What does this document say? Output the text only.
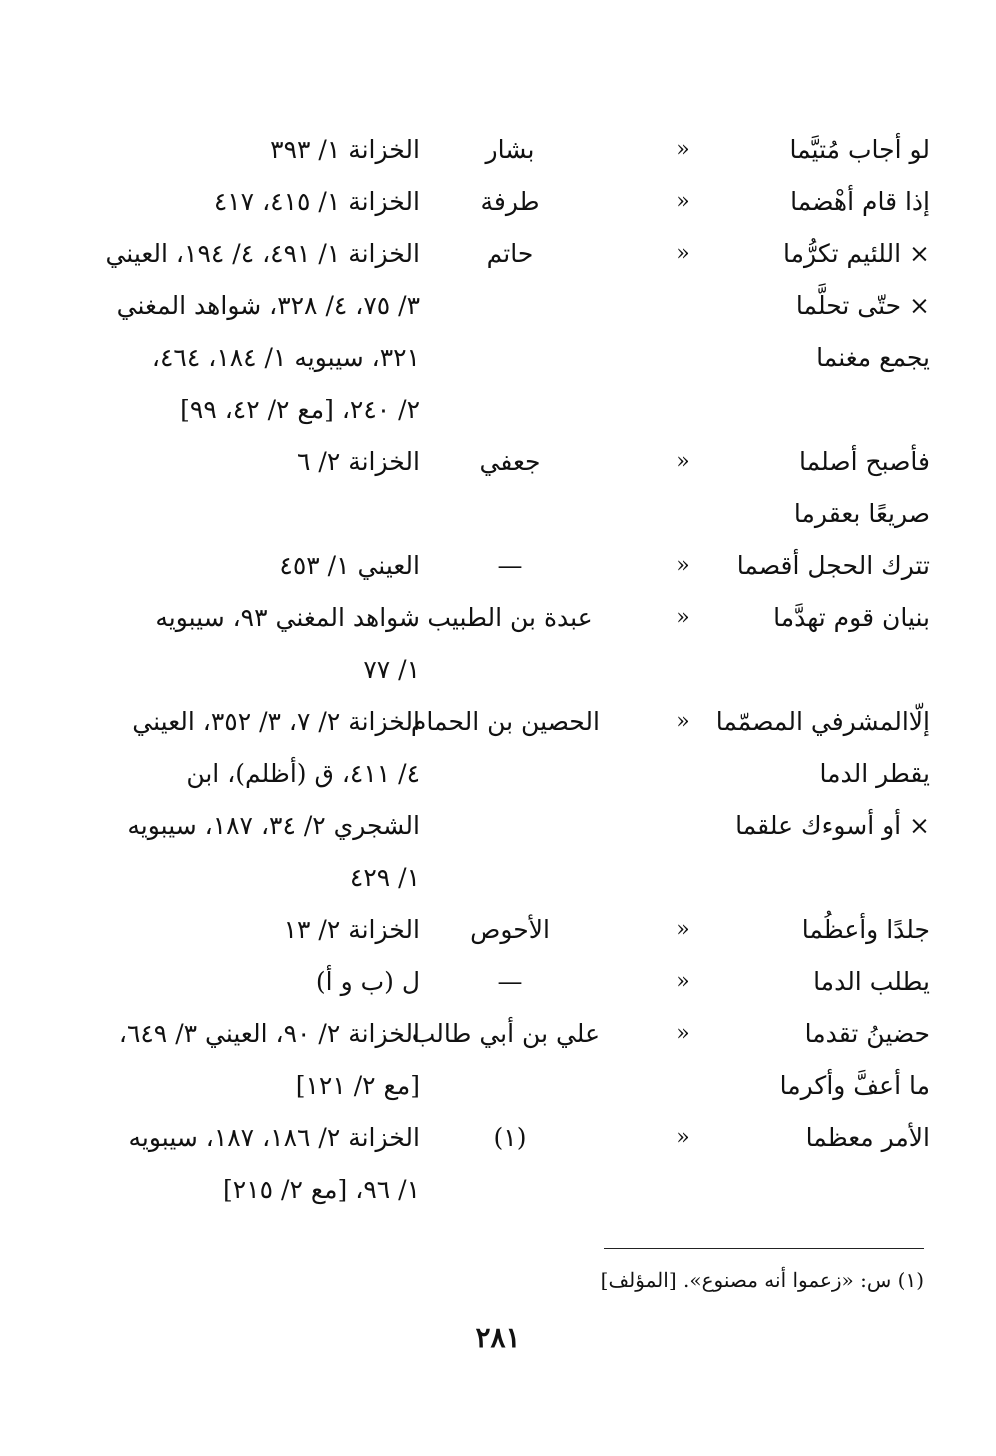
لو أجاب مُتيَّما
«
بشار
الخزانة ١/ ٣٩٣
إذا قام أهْضما
«
طرفة
الخزانة ١/ ٤١٥، ٤١٧
× اللئيم تكرُّما
«
حاتم
الخزانة ١/ ٤٩١، ٤/ ١٩٤، العيني
× حتّى تحلَّما
٣/ ٧٥، ٤/ ٣٢٨، شواهد المغني
يجمع مغنما
٣٢١، سيبويه ١/ ١٨٤، ٤٦٤،
٢/ ٢٤٠، [مع ٢/ ٤٢، ٩٩]
فأصبح أصلما
«
جعفي
الخزانة ٢/ ٦
صريعًا بعقرما
تترك الحجل أقصما
«
—
العيني ١/ ٤٥٣
بنيان قوم تهدَّما
«
عبدة بن الطبيب
شواهد المغني ٩٣، سيبويه
١/ ٧٧
إلّاالمشرفي المصمّما
«
الحصين بن الحمام
الخزانة ٢/ ٧، ٣/ ٣٥٢، العيني
يقطر الدما
٤/ ٤١١، ق (أظلم)، ابن
× أو أسوءك علقما
الشجري ٢/ ٣٤، ١٨٧، سيبويه
١/ ٤٢٩
جلدًا وأعظُما
«
الأحوص
الخزانة ٢/ ١٣
يطلب الدما
«
—
ل (ب و أ)
حضينُ تقدما
«
علي بن أبي طالب
الخزانة ٢/ ٩٠، العيني ٣/ ٦٤٩،
ما أعفَّ وأكرما
[مع ٢/ ١٢١]
الأمر معظما
«
(١)
الخزانة ٢/ ١٨٦، ١٨٧، سيبويه
١/ ٩٦، [مع ٢/ ٢١٥]
(١) س: «زعموا أنه مصنوع». [المؤلف]
٢٨١
